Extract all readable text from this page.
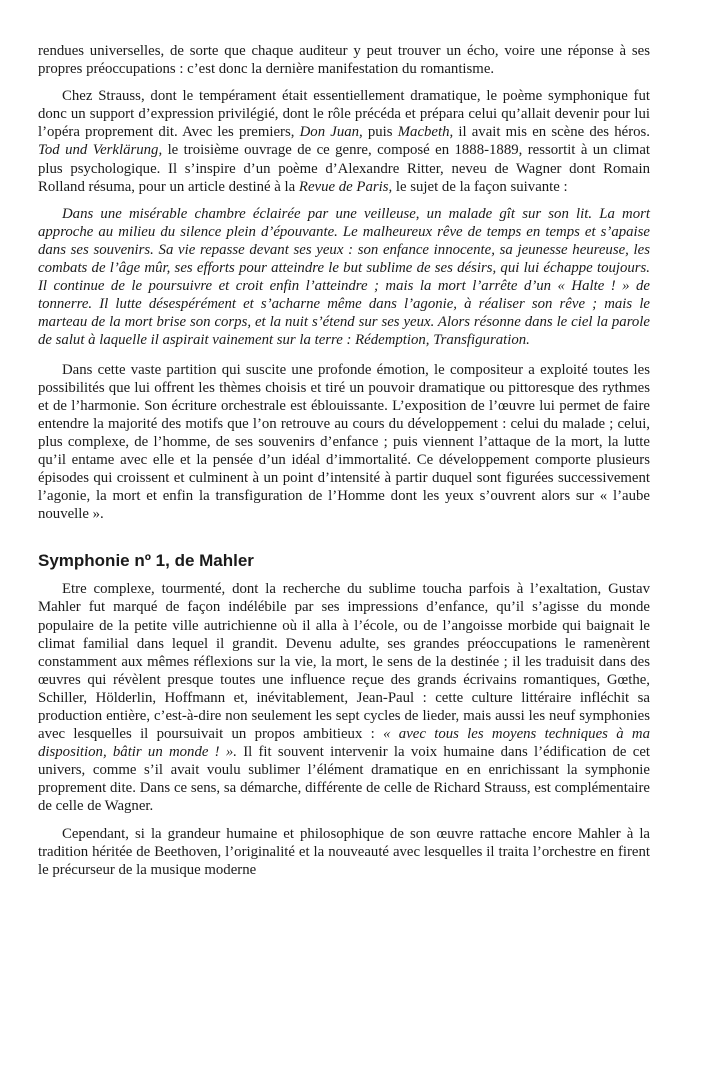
rendues universelles, de sorte que chaque auditeur y peut trouver un écho, voire une réponse à ses propres préoccupations : c’est donc la dernière manifestation du romantisme.

Chez Strauss, dont le tempérament était essentiellement dramatique, le poème symphonique fut donc un support d’expression privilégié, dont le rôle précéda et prépara celui qu’allait devenir pour lui l’opéra proprement dit. Avec les premiers, Don Juan, puis Macbeth, il avait mis en scène des héros. Tod und Verklärung, le troisième ouvrage de ce genre, composé en 1888-1889, ressortit à un climat plus psychologique. Il s’inspire d’un poème d’Alexandre Ritter, neveu de Wagner dont Romain Rolland résuma, pour un article destiné à la Revue de Paris, le sujet de la façon suivante :

Dans une misérable chambre éclairée par une veilleuse, un malade gît sur son lit. La mort approche au milieu du silence plein d’épouvante. Le malheureux rêve de temps en temps et s’apaise dans ses souvenirs. Sa vie repasse devant ses yeux : son enfance innocente, sa jeunesse heureuse, les combats de l’âge mûr, ses efforts pour atteindre le but sublime de ses désirs, qui lui échappe toujours. Il continue de le poursuivre et croit enfin l’atteindre ; mais la mort l’arrête d’un « Halte ! » de tonnerre. Il lutte désespérément et s’acharne même dans l’agonie, à réaliser son rêve ; mais le marteau de la mort brise son corps, et la nuit s’étend sur ses yeux. Alors résonne dans le ciel la parole de salut à laquelle il aspirait vainement sur la terre : Rédemption, Transfiguration.

Dans cette vaste partition qui suscite une profonde émotion, le compositeur a exploité toutes les possibilités que lui offrent les thèmes choisis et tiré un pouvoir dramatique ou pittoresque des rythmes et de l’harmonie. Son écriture orchestrale est éblouissante. L’exposition de l’œuvre lui permet de faire entendre la majorité des motifs que l’on retrouve au cours du développement : celui du malade ; celui, plus complexe, de l’homme, de ses souvenirs d’enfance ; puis viennent l’attaque de la mort, la lutte qu’il entame avec elle et la pensée d’un idéal d’immortalité. Ce développement comporte plusieurs épisodes qui croissent et culminent à un point d’intensité à partir duquel sont figurées successivement l’agonie, la mort et enfin la transfiguration de l’Homme dont les yeux s’ouvrent alors sur « l’aube nouvelle ».

Symphonie nº 1, de Mahler

Etre complexe, tourmenté, dont la recherche du sublime toucha parfois à l’exaltation, Gustav Mahler fut marqué de façon indélébile par ses impressions d’enfance, qu’il s’agisse du monde populaire de la petite ville autrichienne où il alla à l’école, ou de l’angoisse morbide qui baignait le climat familial dans lequel il grandit. Devenu adulte, ses grandes préoccupations le ramenèrent constamment aux mêmes réflexions sur la vie, la mort, le sens de la destinée ; il les traduisit dans des œuvres qui révèlent presque toutes une influence reçue des grands écrivains romantiques, Gœthe, Schiller, Hölderlin, Hoffmann et, inévitablement, Jean-Paul : cette culture littéraire infléchit sa production entière, c’est-à-dire non seulement les sept cycles de lieder, mais aussi les neuf symphonies avec lesquelles il poursuivait un propos ambitieux : « avec tous les moyens techniques à ma disposition, bâtir un monde ! ». Il fit souvent intervenir la voix humaine dans l’édification de cet univers, comme s’il avait voulu sublimer l’élément dramatique en en enrichissant la symphonie proprement dite. Dans ce sens, sa démarche, différente de celle de Richard Strauss, est complémentaire de celle de Wagner.

Cependant, si la grandeur humaine et philosophique de son œuvre rattache encore Mahler à la tradition héritée de Beethoven, l’originalité et la nouveauté avec lesquelles il traita l’orchestre en firent le précurseur de la musique moderne
